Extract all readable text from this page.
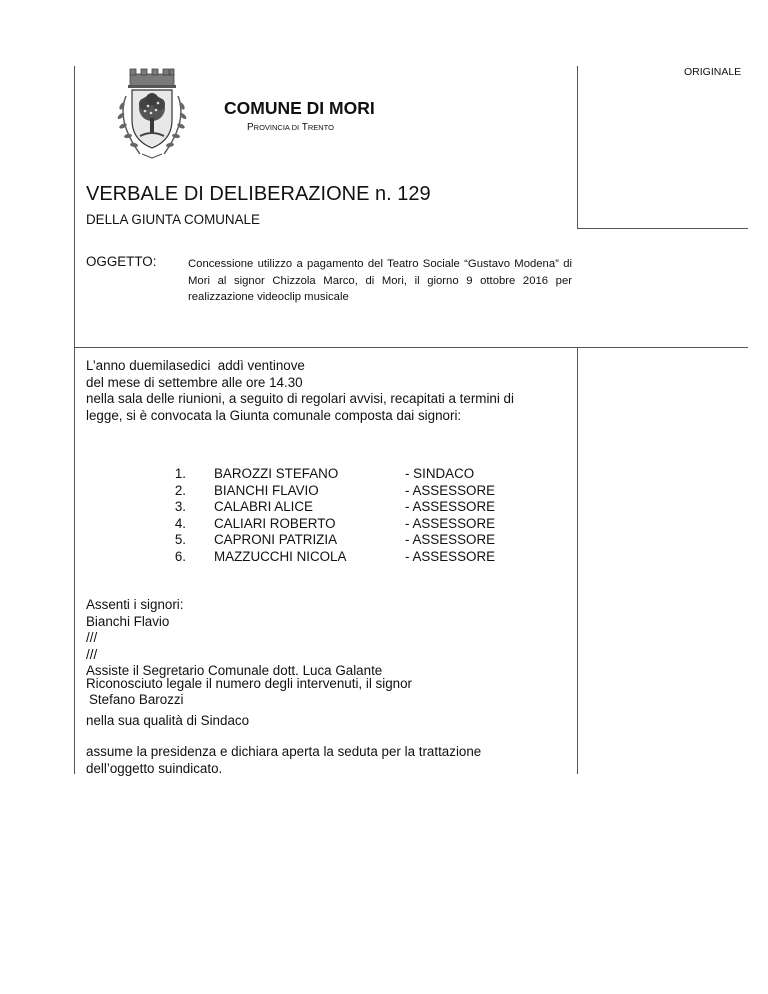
ORIGINALE
COMUNE DI MORI
PROVINCIA DI TRENTO
VERBALE DI DELIBERAZIONE n. 129
DELLA GIUNTA COMUNALE
OGGETTO:	Concessione utilizzo a pagamento del Teatro Sociale “Gustavo Modena” di Mori al signor Chizzola Marco, di Mori, il giorno 9 ottobre 2016 per realizzazione videoclip musicale

L’anno duemilasedici  addì ventinove

del mese di settembre alle ore 14.30

nella sala delle riunioni, a seguito di regolari avvisi, recapitati a termini di

legge, si è convocata la Giunta comunale composta dai signori:

1. BAROZZI STEFANO	- SINDACO
2. BIANCHI FLAVIO	- ASSESSORE
3. CALABRI ALICE	- ASSESSORE
4. CALIARI ROBERTO	- ASSESSORE
5. CAPRONI PATRIZIA	- ASSESSORE
6. MAZZUCCHI NICOLA	- ASSESSORE

Assenti i signori:

Bianchi Flavio

///

///

Assiste il Segretario Comunale dott. Luca Galante

Riconosciuto legale il numero degli intervenuti, il signor
Stefano Barozzi
nella sua qualità di Sindaco

assume la presidenza e dichiara aperta la seduta per la trattazione

dell’oggetto suindicato.
